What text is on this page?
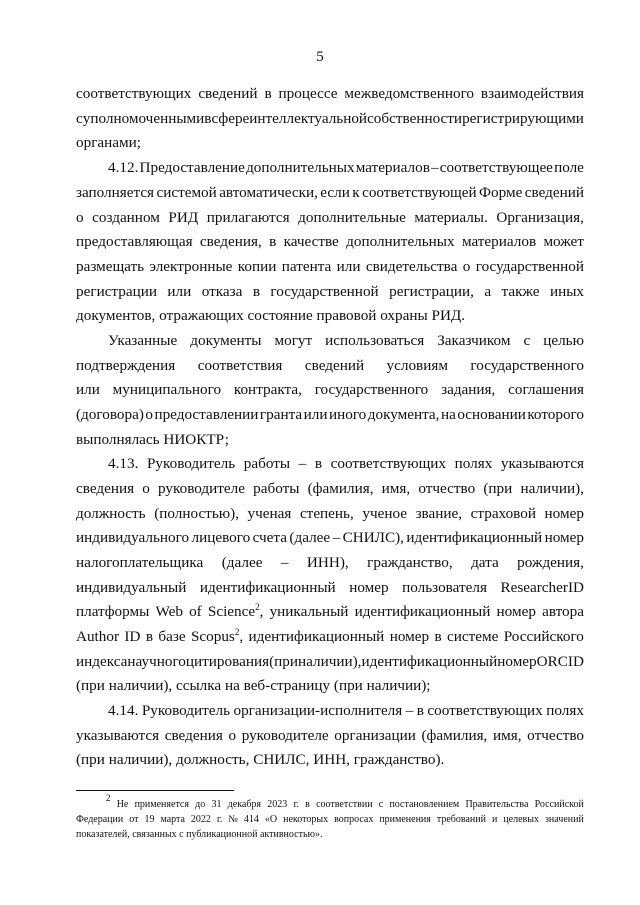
5
соответствующих сведений в процессе межведомственного взаимодействия
с уполномоченными в сфере интеллектуальной собственности регистрирующими
органами;
4.12. Предоставление дополнительных материалов – соответствующее поле
заполняется системой автоматически, если к соответствующей Форме сведений
о созданном РИД прилагаются дополнительные материалы. Организация,
предоставляющая сведения, в качестве дополнительных материалов может
размещать электронные копии патента или свидетельства о государственной
регистрации или отказа в государственной регистрации, а также иных
документов, отражающих состояние правовой охраны РИД.
Указанные документы могут использоваться Заказчиком с целью
подтверждения соответствия сведений условиям государственного
или муниципального контракта, государственного задания, соглашения
(договора) о предоставлении гранта или иного документа, на основании которого
выполнялась НИОКТР;
4.13. Руководитель работы – в соответствующих полях указываются
сведения о руководителе работы (фамилия, имя, отчество (при наличии),
должность (полностью), ученая степень, ученое звание, страховой номер
индивидуального лицевого счета (далее – СНИЛС), идентификационный номер
налогоплательщика (далее – ИНН), гражданство, дата рождения,
индивидуальный идентификационный номер пользователя ResearcherID
платформы Web of Science$^2$, уникальный идентификационный номер автора
Author ID в базе Scopus$^2$, идентификационный номер в системе Российского
индекса научного цитирования (при наличии), идентификационный номер ORCID
(при наличии), ссылка на веб-страницу (при наличии);
4.14. Руководитель организации-исполнителя – в соответствующих полях
указываются сведения о руководителе организации (фамилия, имя, отчество
(при наличии), должность, СНИЛС, ИНН, гражданство).
$^2$
Не применяется до 31 декабря 2023 г. в соответствии с постановлением Правительства Российской
Федерации от 19 марта 2022 г. № 414 «О некоторых вопросах применения требований и целевых значений
показателей, связанных с публикационной активностью».
